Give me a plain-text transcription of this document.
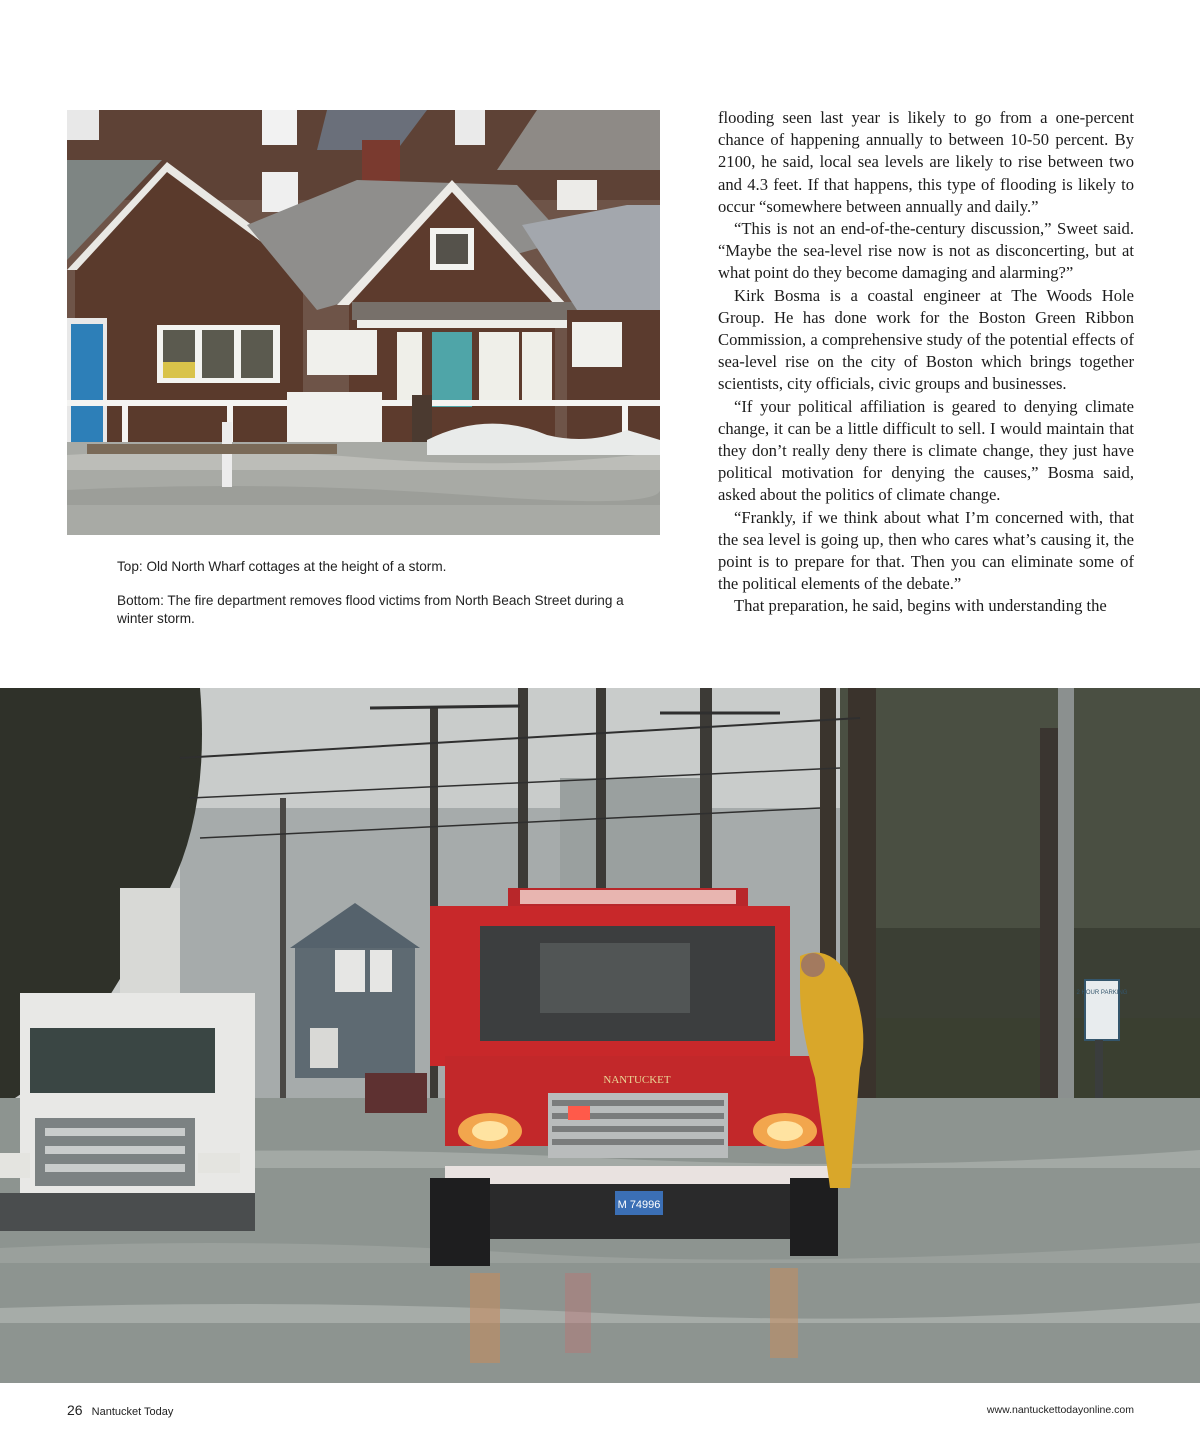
Top: Old North Wharf cottages at the height of a storm.

Bottom: The fire department removes flood victims from North Beach Street during a winter storm.

flooding seen last year is likely to go from a one-percent chance of happening annually to between 10-50 percent. By 2100, he said, local sea levels are likely to rise between two and 4.3 feet. If that happens, this type of flooding is likely to occur “somewhere between annually and daily.”

“This is not an end-of-the-century discussion,” Sweet said. “Maybe the sea-level rise now is not as disconcerting, but at what point do they become damaging and alarming?”

Kirk Bosma is a coastal engineer at The Woods Hole Group. He has done work for the Boston Green Ribbon Commission, a comprehensive study of the potential effects of sea-level rise on the city of Boston which brings together scientists, city officials, civic groups and businesses.

“If your political affiliation is geared to denying climate change, it can be a little difficult to sell. I would maintain that they don’t really deny there is climate change, they just have political motivation for denying the causes,” Bosma said, asked about the politics of climate change.

“Frankly, if we think about what I’m concerned with, that the sea level is going up, then who cares what’s causing it, the point is to prepare for that. Then you can eliminate some of the political elements of the debate.”

That preparation, he said, begins with understanding the

NANTUCKET
M 74996
2 HOUR PARKING
26 Nantucket Today	www.nantuckettodayonline.com
